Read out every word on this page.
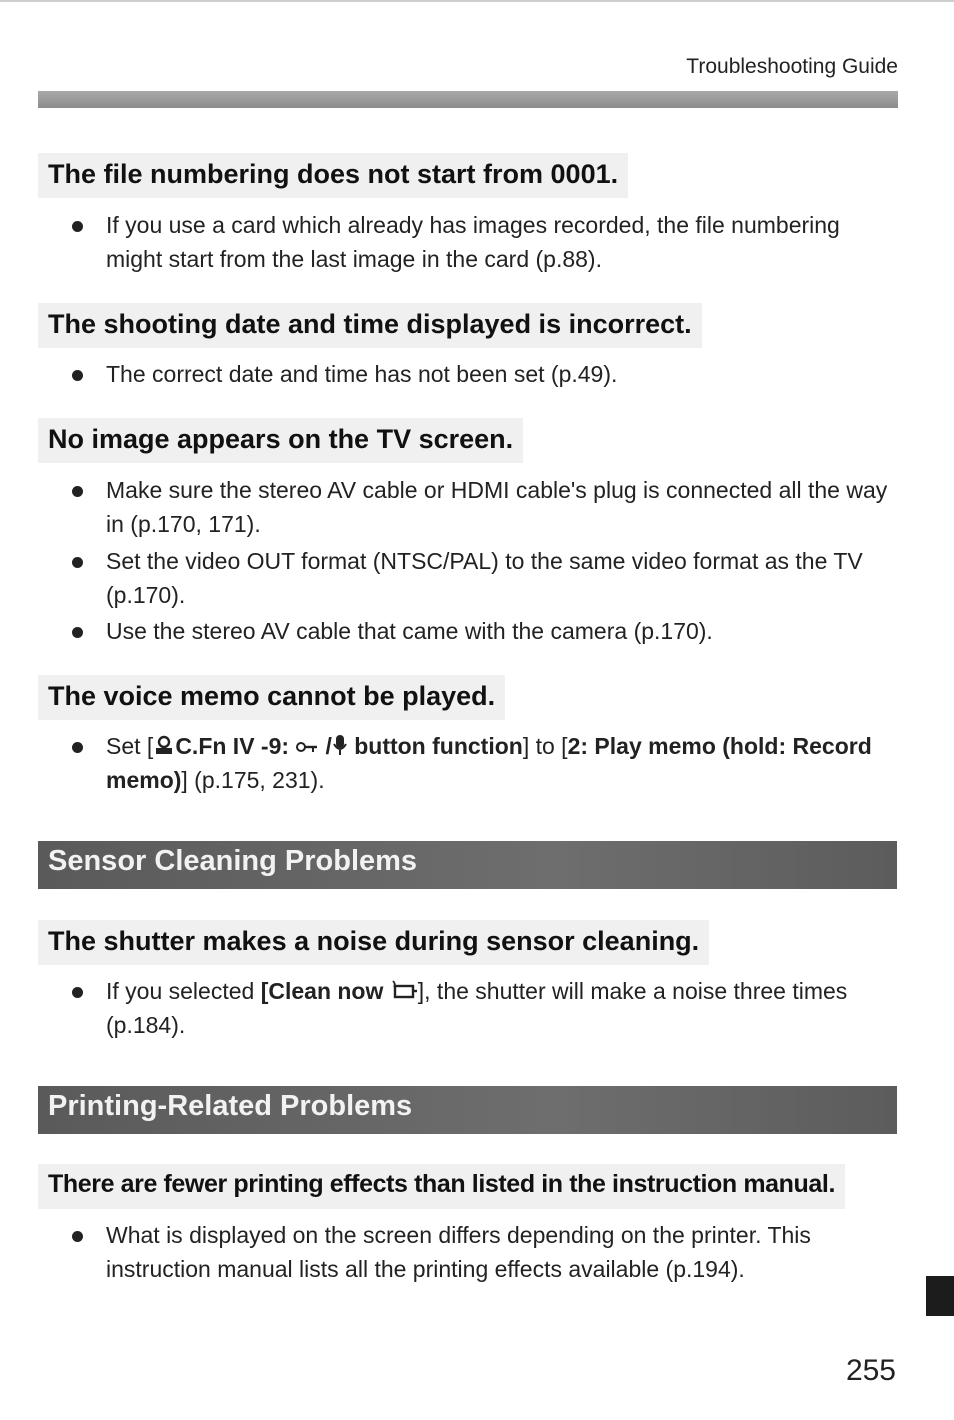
Troubleshooting Guide
The file numbering does not start from 0001.
If you use a card which already has images recorded, the file numbering might start from the last image in the card (p.88).
The shooting date and time displayed is incorrect.
The correct date and time has not been set (p.49).
No image appears on the TV screen.
Make sure the stereo AV cable or HDMI cable's plug is connected all the way in (p.170, 171).
Set the video OUT format (NTSC/PAL) to the same video format as the TV (p.170).
Use the stereo AV cable that came with the camera (p.170).
The voice memo cannot be played.
Set [ C.Fn IV -9: / button function] to [2: Play memo (hold: Record memo)] (p.175, 231).
Sensor Cleaning Problems
The shutter makes a noise during sensor cleaning.
If you selected [Clean now ], the shutter will make a noise three times (p.184).
Printing-Related Problems
There are fewer printing effects than listed in the instruction manual.
What is displayed on the screen differs depending on the printer. This instruction manual lists all the printing effects available (p.194).
255
